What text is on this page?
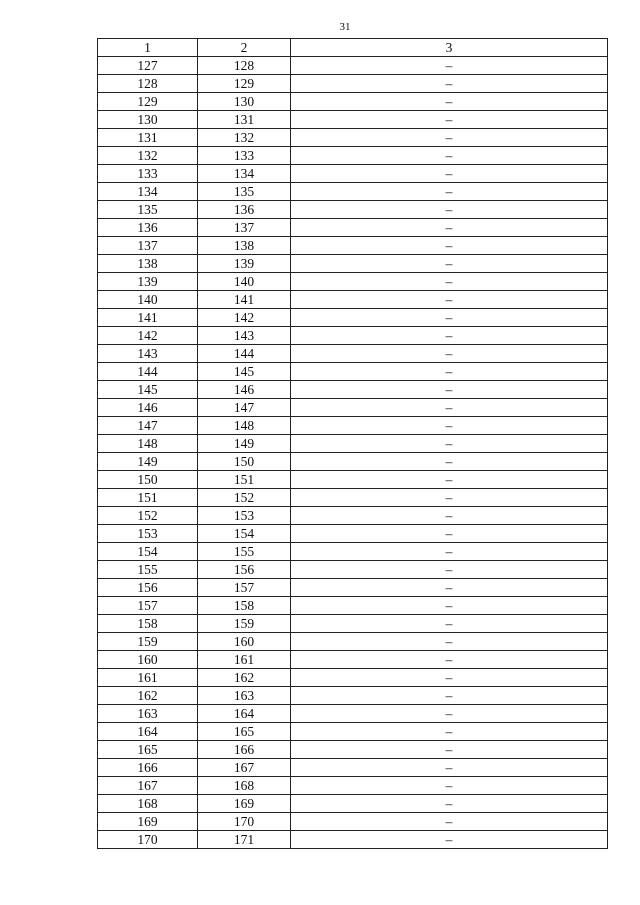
31
1	2	3
127	128	–
128	129	–
129	130	–
130	131	–
131	132	–
132	133	–
133	134	–
134	135	–
135	136	–
136	137	–
137	138	–
138	139	–
139	140	–
140	141	–
141	142	–
142	143	–
143	144	–
144	145	–
145	146	–
146	147	–
147	148	–
148	149	–
149	150	–
150	151	–
151	152	–
152	153	–
153	154	–
154	155	–
155	156	–
156	157	–
157	158	–
158	159	–
159	160	–
160	161	–
161	162	–
162	163	–
163	164	–
164	165	–
165	166	–
166	167	–
167	168	–
168	169	–
169	170	–
170	171	–
